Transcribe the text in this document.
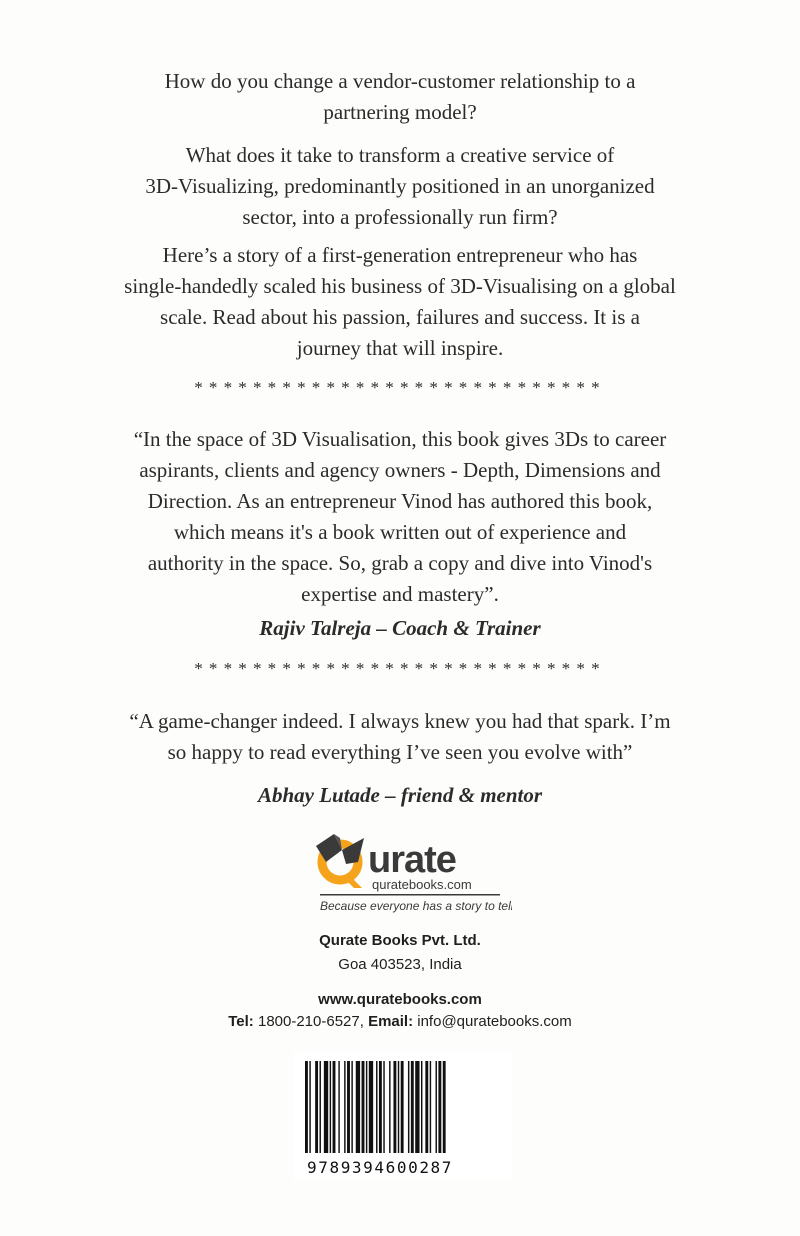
How do you change a vendor-customer relationship to a
partnering model?
What does it take to transform a creative service of
3D-Visualizing, predominantly positioned in an unorganized
sector, into a professionally run firm?
Here’s a story of a first-generation entrepreneur who has
single-handedly scaled his business of 3D-Visualising on a global
scale. Read about his passion, failures and success. It is a
journey that will inspire.
****************************
“In the space of 3D Visualisation, this book gives 3Ds to career
aspirants, clients and agency owners - Depth, Dimensions and
Direction. As an entrepreneur Vinod has authored this book,
which means it's a book written out of experience and
authority in the space. So, grab a copy and dive into Vinod's
expertise and mastery”.
Rajiv Talreja – Coach & Trainer
****************************
“A game-changer indeed. I always knew you had that spark. I’m
so happy to read everything I’ve seen you evolve with”
Abhay Lutade – friend & mentor
urate
quratebooks.com
Because everyone has a story to tell
Qurate Books Pvt. Ltd.
Goa 403523, India
www.quratebooks.com
Tel: 1800-210-6527, Email: info@quratebooks.com
9789394600287
